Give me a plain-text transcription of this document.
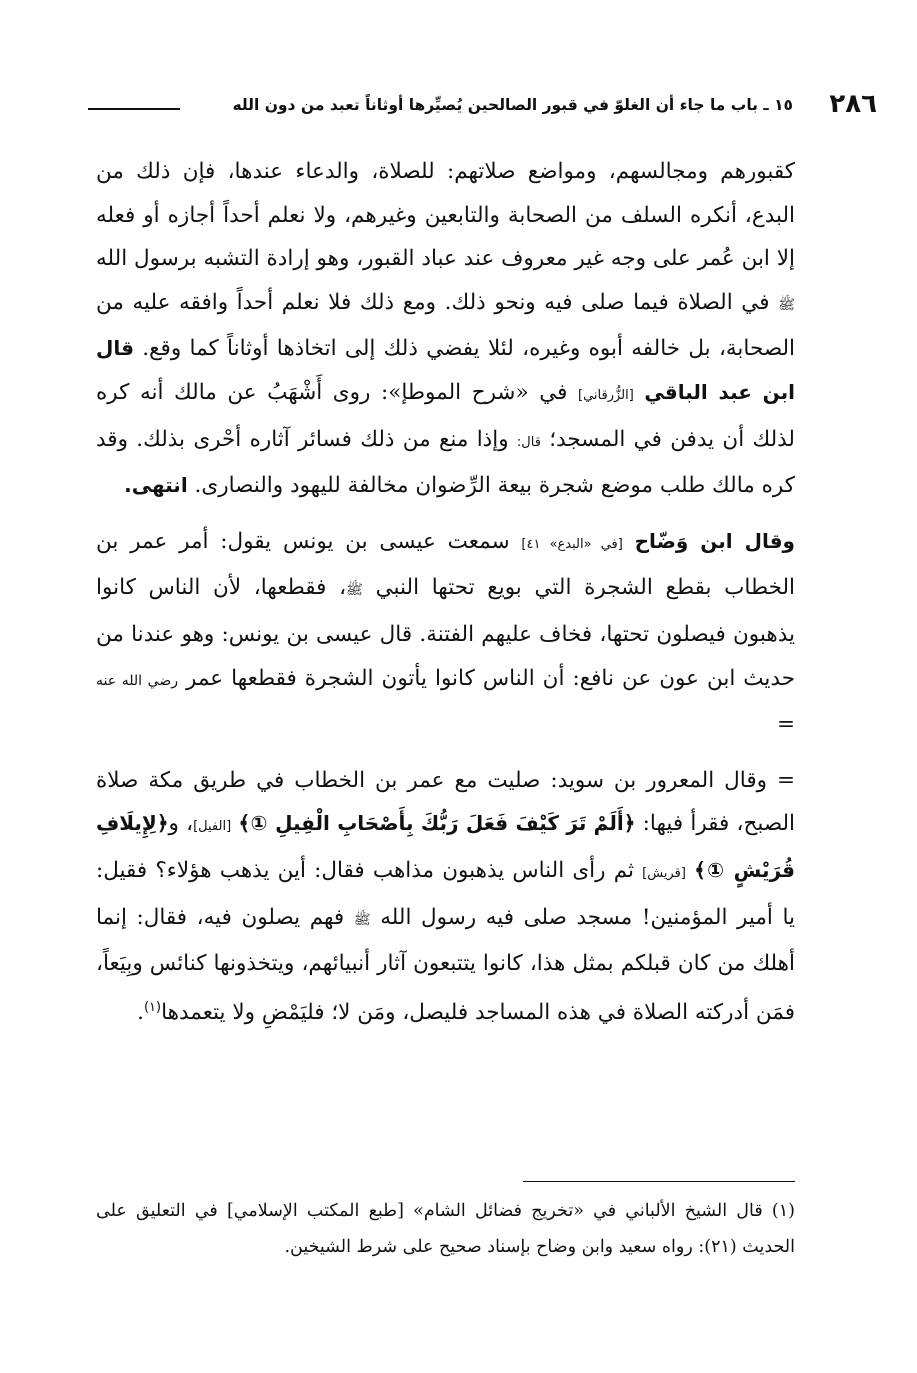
٢٨٦
١٥ ـ باب ما جاء أن الغلوّ في قبور الصالحين يُصيِّرها أوثاناً تعبد من دون الله

كقبورهم ومجالسهم، ومواضع صلاتهم: للصلاة، والدعاء عندها، فإن ذلك من البدع، أنكره السلف من الصحابة والتابعين وغيرهم، ولا نعلم أحداً أجازه أو فعله إلا ابن عُمر على وجه غير معروف عند عباد القبور، وهو إرادة التشبه برسول الله ﷺ في الصلاة فيما صلى فيه ونحو ذلك. ومع ذلك فلا نعلم أحداً وافقه عليه من الصحابة، بل خالفه أبوه وغيره، لئلا يفضي ذلك إلى اتخاذها أوثاناً كما وقع. قال ابن عبد الباقي [الزُّرقاني] في «شرح الموطإ»: روى أَشْهَبُ عن مالك أنه كره لذلك أن يدفن في المسجد؛ قال: وإذا منع من ذلك فسائر آثاره أحْرى بذلك. وقد كره مالك طلب موضع شجرة بيعة الرِّضوان مخالفة لليهود والنصارى. انتهى.

وقال ابن وَضّاح [في «البدع» ٤١] سمعت عيسى بن يونس يقول: أمر عمر بن الخطاب بقطع الشجرة التي بويع تحتها النبي ﷺ، فقطعها، لأن الناس كانوا يذهبون فيصلون تحتها، فخاف عليهم الفتنة. قال عيسى بن يونس: وهو عندنا من حديث ابن عون عن نافع: أن الناس كانوا يأتون الشجرة فقطعها عمر رضي الله عنه =

= وقال المعرور بن سويد: صليت مع عمر بن الخطاب في طريق مكة صلاة الصبح، فقرأ فيها: ﴿أَلَمْ تَرَ كَيْفَ فَعَلَ رَبُّكَ بِأَصْحَابِ الْفِيلِ ①﴾ [الفيل]، و﴿لِإِيلَافِ قُرَيْشٍ ①﴾ [قريش] ثم رأى الناس يذهبون مذاهب فقال: أين يذهب هؤلاء؟ فقيل: يا أمير المؤمنين! مسجد صلى فيه رسول الله ﷺ فهم يصلون فيه، فقال: إنما أهلك من كان قبلكم بمثل هذا، كانوا يتتبعون آثار أنبيائهم، ويتخذونها كنائس وبِيَعاً، فمَن أدركته الصلاة في هذه المساجد فليصل، ومَن لا؛ فليَمْضِ ولا يتعمدها$^{(١)}$.

(١) قال الشيخ الألباني في «تخريج فضائل الشام» [طبع المكتب الإسلامي] في التعليق على الحديث (٢١): رواه سعيد وابن وضاح بإسناد صحيح على شرط الشيخين.
